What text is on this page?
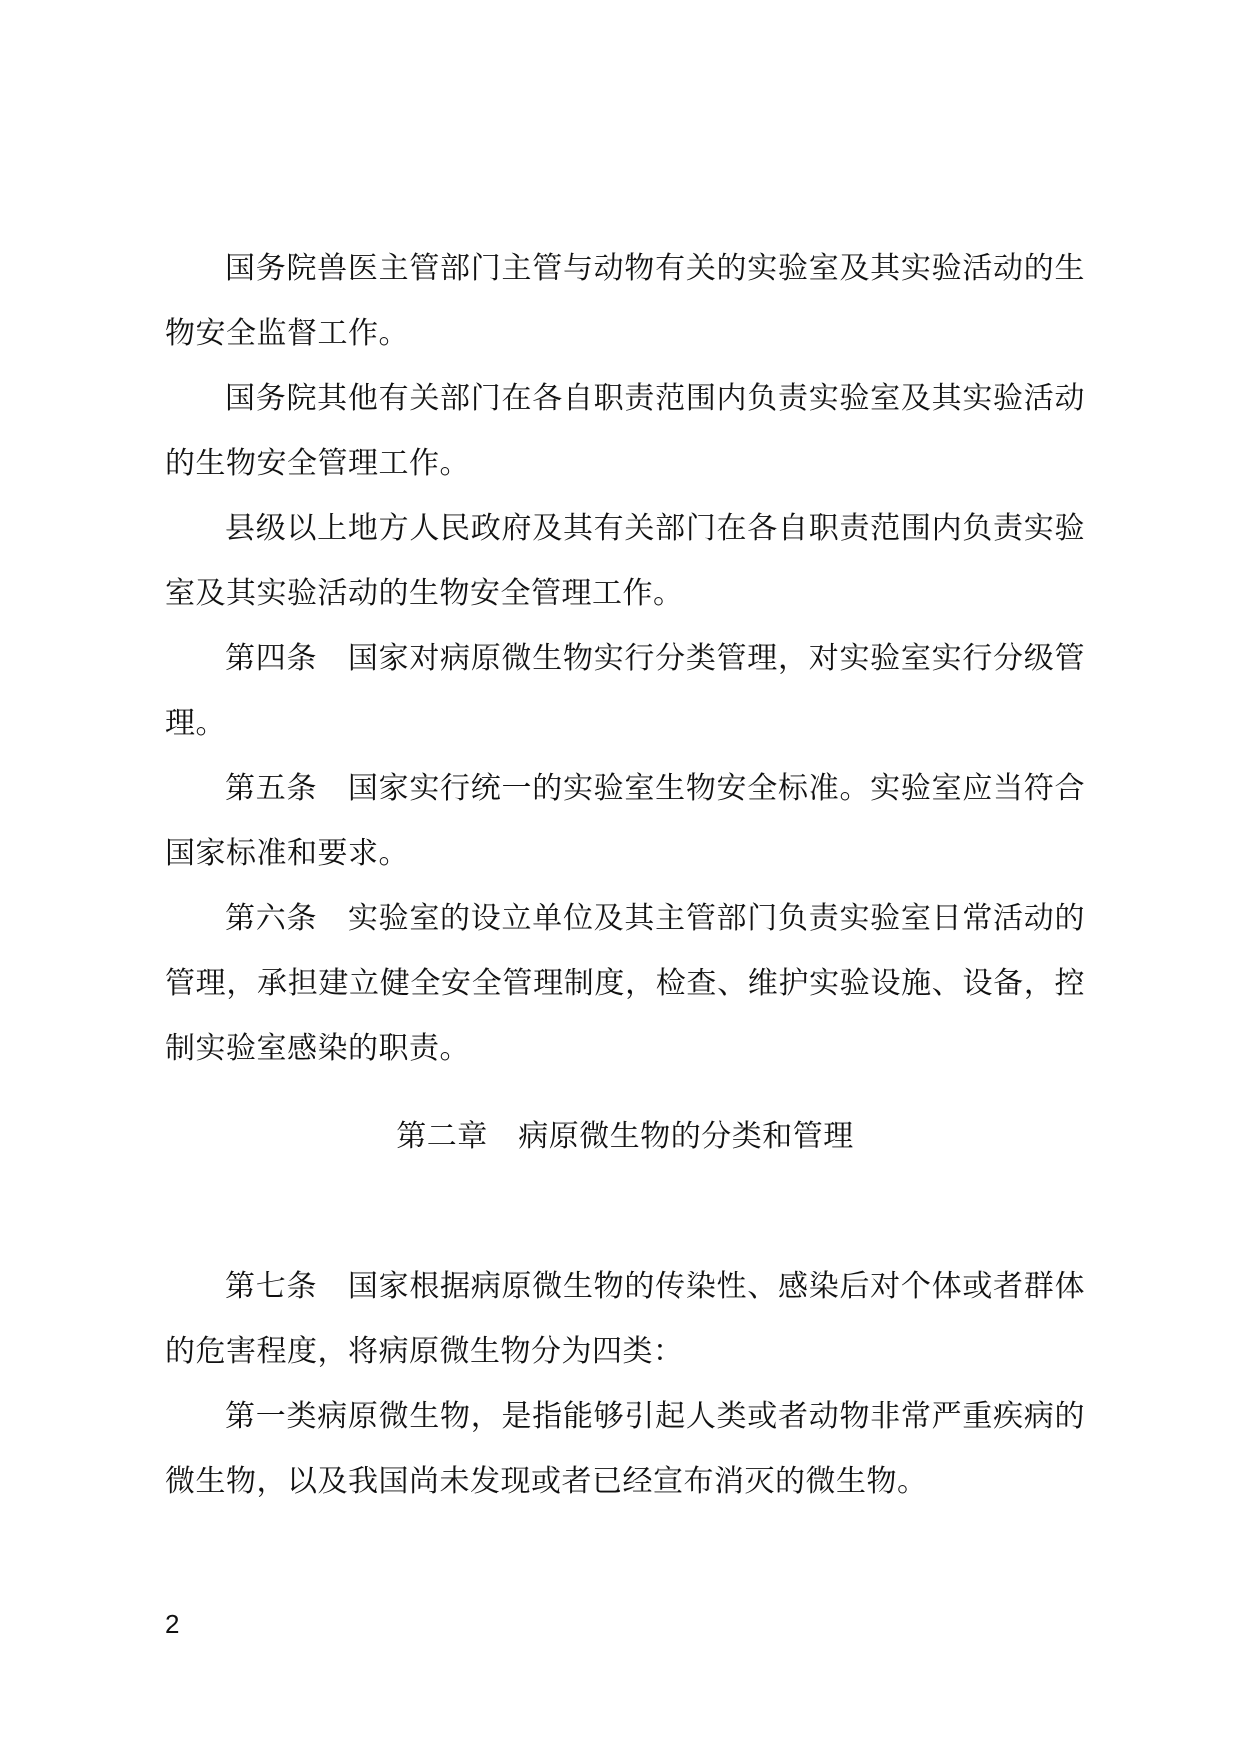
国务院兽医主管部门主管与动物有关的实验室及其实验活动的生物安全监督工作。

国务院其他有关部门在各自职责范围内负责实验室及其实验活动的生物安全管理工作。

县级以上地方人民政府及其有关部门在各自职责范围内负责实验室及其实验活动的生物安全管理工作。

第四条　国家对病原微生物实行分类管理，对实验室实行分级管理。

第五条　国家实行统一的实验室生物安全标准。实验室应当符合国家标准和要求。

第六条　实验室的设立单位及其主管部门负责实验室日常活动的管理，承担建立健全安全管理制度，检查、维护实验设施、设备，控制实验室感染的职责。

第二章　病原微生物的分类和管理

第七条　国家根据病原微生物的传染性、感染后对个体或者群体的危害程度，将病原微生物分为四类：

第一类病原微生物，是指能够引起人类或者动物非常严重疾病的微生物，以及我国尚未发现或者已经宣布消灭的微生物。

2
